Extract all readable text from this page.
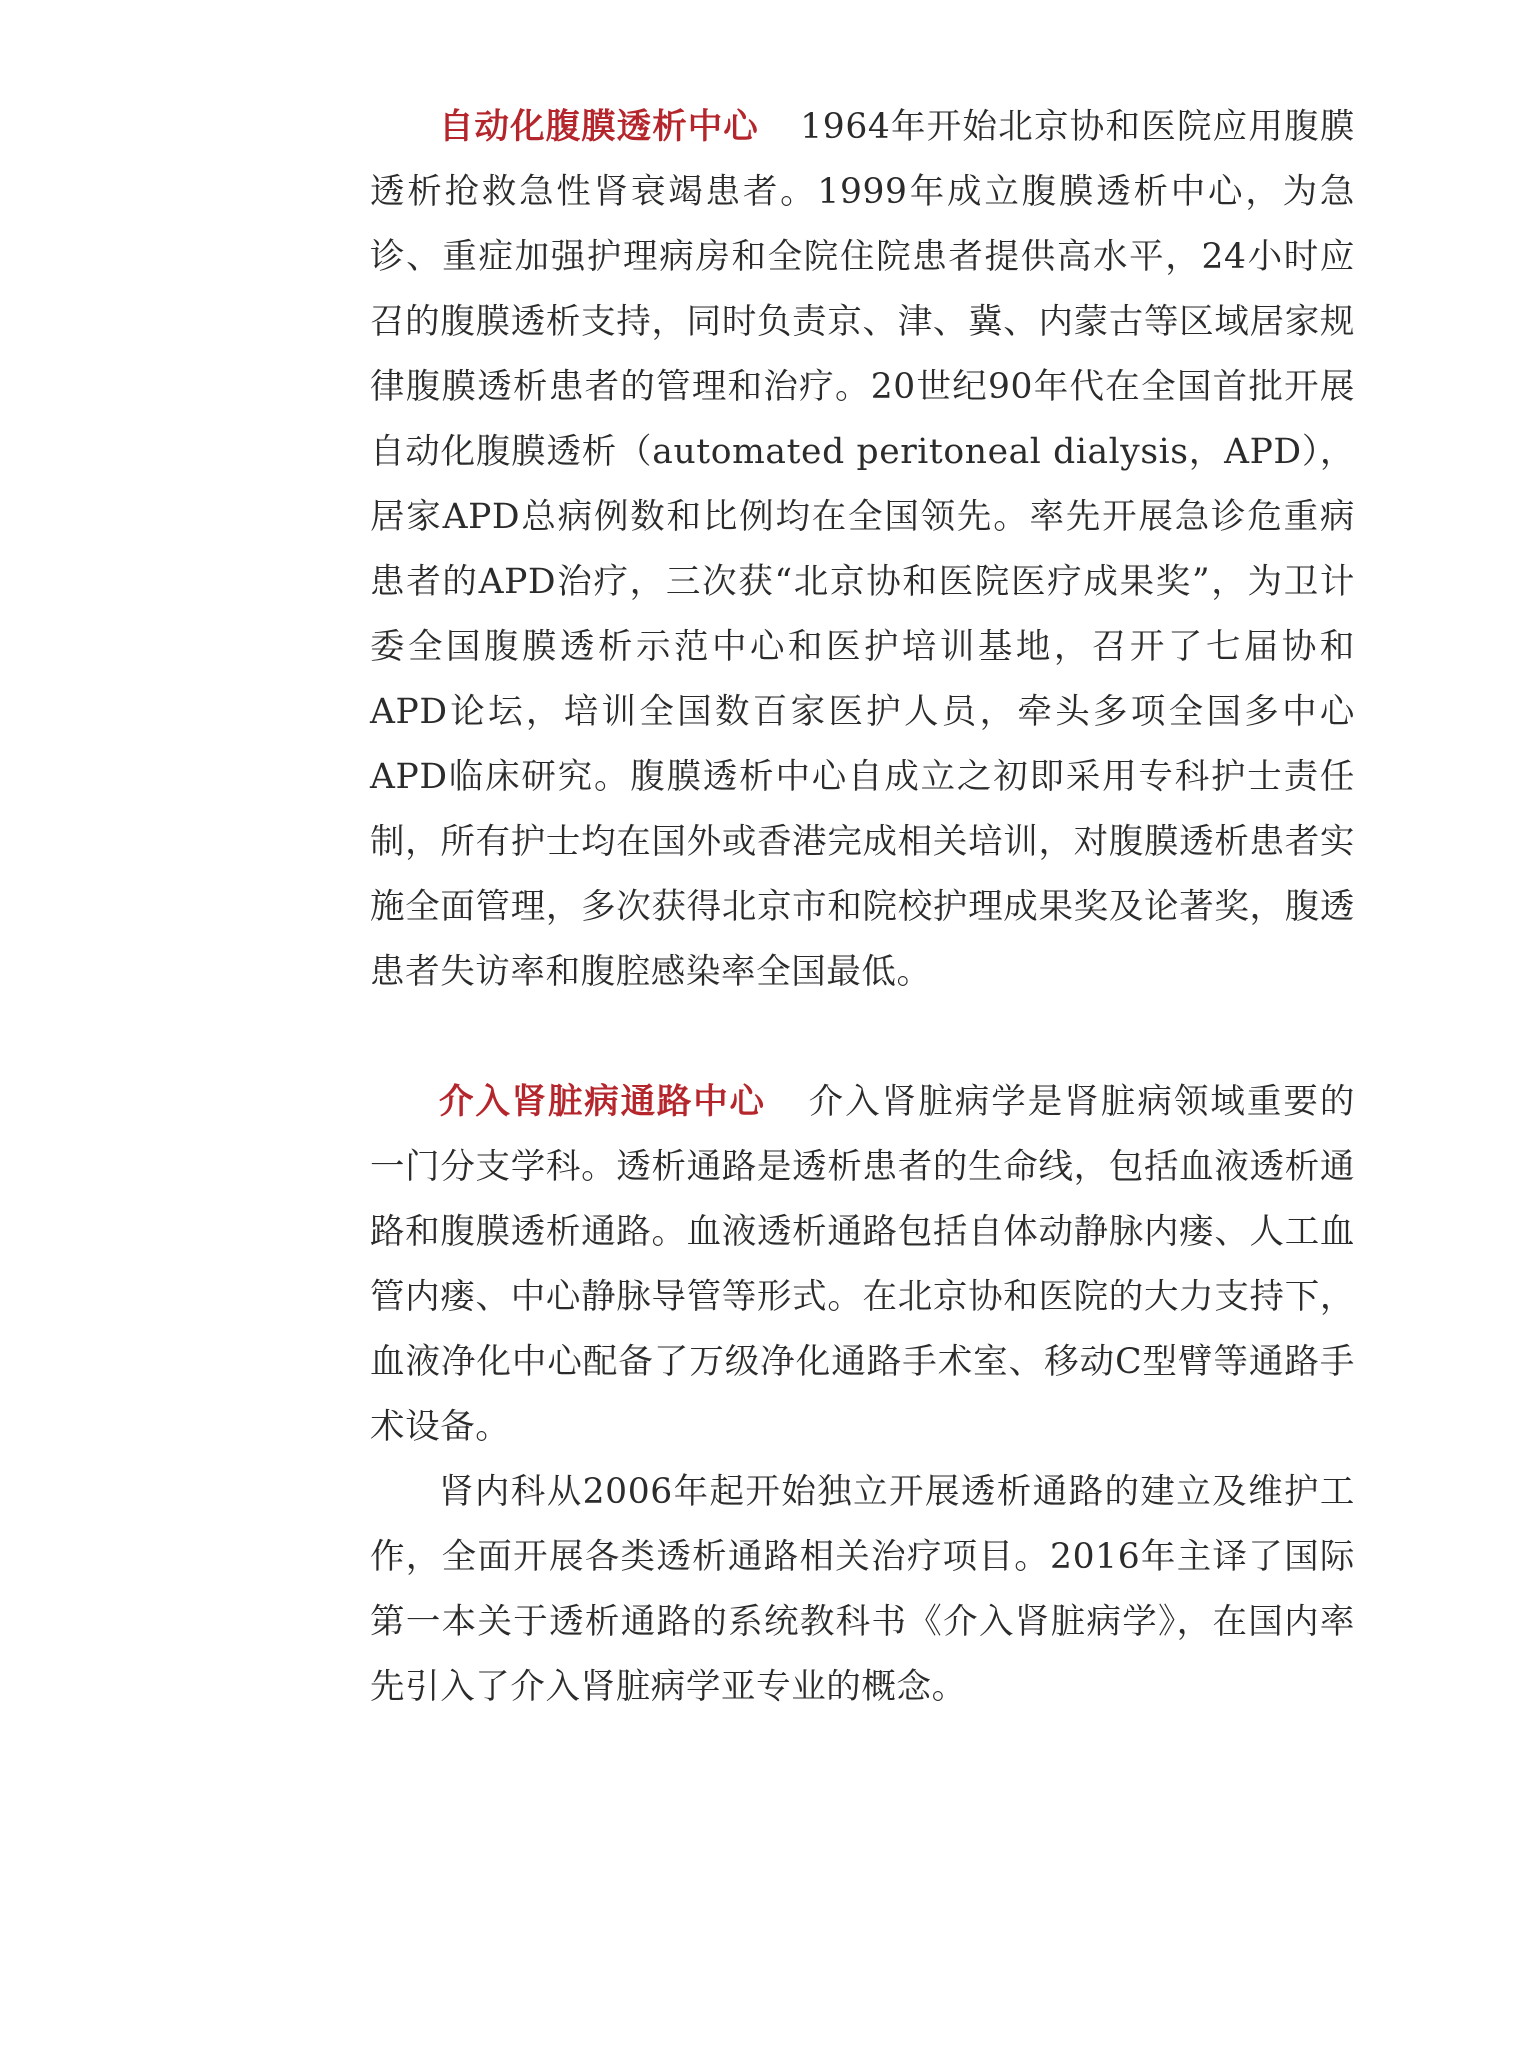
自动化腹膜透析中心 1964年开始北京协和医院应用腹膜透析抢救急性肾衰竭患者。1999年成立腹膜透析中心，为急诊、重症加强护理病房和全院住院患者提供高水平，24小时应召的腹膜透析支持，同时负责京、津、冀、内蒙古等区域居家规律腹膜透析患者的管理和治疗。20世纪90年代在全国首批开展自动化腹膜透析（automated peritoneal dialysis，APD），居家APD总病例数和比例均在全国领先。率先开展急诊危重病患者的APD治疗，三次获“北京协和医院医疗成果奖”，为卫计委全国腹膜透析示范中心和医护培训基地，召开了七届协和APD论坛，培训全国数百家医护人员，牵头多项全国多中心APD临床研究。腹膜透析中心自成立之初即采用专科护士责任制，所有护士均在国外或香港完成相关培训，对腹膜透析患者实施全面管理，多次获得北京市和院校护理成果奖及论著奖，腹透患者失访率和腹腔感染率全国最低。

介入肾脏病通路中心 介入肾脏病学是肾脏病领域重要的一门分支学科。透析通路是透析患者的生命线，包括血液透析通路和腹膜透析通路。血液透析通路包括自体动静脉内瘘、人工血管内瘘、中心静脉导管等形式。在北京协和医院的大力支持下，血液净化中心配备了万级净化通路手术室、移动C型臂等通路手术设备。

肾内科从2006年起开始独立开展透析通路的建立及维护工作，全面开展各类透析通路相关治疗项目。2016年主译了国际第一本关于透析通路的系统教科书《介入肾脏病学》，在国内率先引入了介入肾脏病学亚专业的概念。
